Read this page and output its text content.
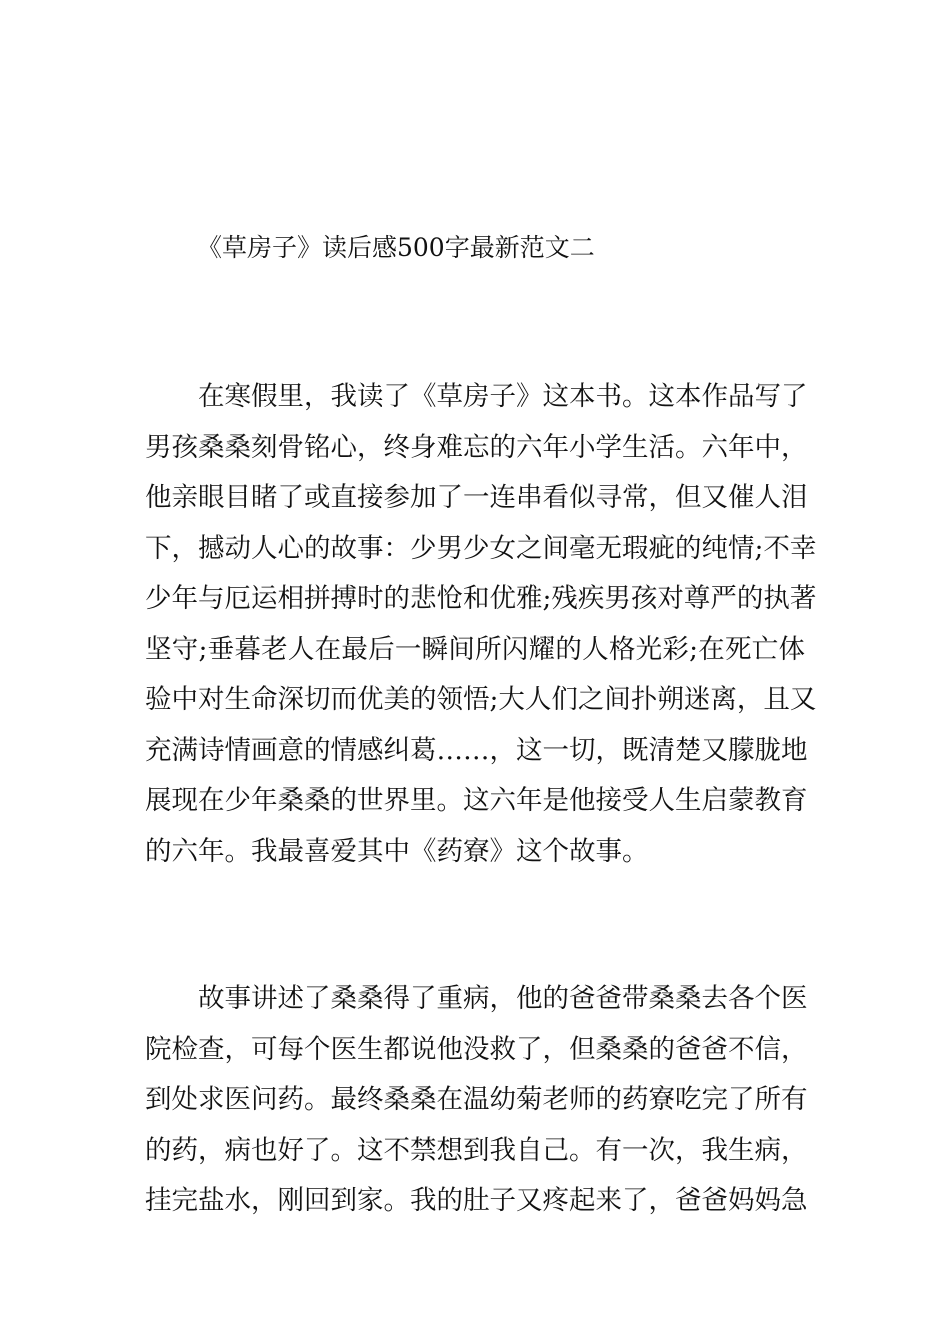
《草房子》读后感500字最新范文二
在寒假里，我读了《草房子》这本书。这本作品写了
男孩桑桑刻骨铭心，终身难忘的六年小学生活。六年中，
他亲眼目睹了或直接参加了一连串看似寻常，但又催人泪
下，撼动人心的故事：少男少女之间毫无瑕疵的纯情;不幸
少年与厄运相拼搏时的悲怆和优雅;残疾男孩对尊严的执著
坚守;垂暮老人在最后一瞬间所闪耀的人格光彩;在死亡体
验中对生命深切而优美的领悟;大人们之间扑朔迷离，且又
充满诗情画意的情感纠葛……，这一切，既清楚又朦胧地
展现在少年桑桑的世界里。这六年是他接受人生启蒙教育
的六年。我最喜爱其中《药寮》这个故事。
故事讲述了桑桑得了重病，他的爸爸带桑桑去各个医
院检查，可每个医生都说他没救了，但桑桑的爸爸不信，
到处求医问药。最终桑桑在温幼菊老师的药寮吃完了所有
的药，病也好了。这不禁想到我自己。有一次，我生病，
挂完盐水，刚回到家。我的肚子又疼起来了，爸爸妈妈急
